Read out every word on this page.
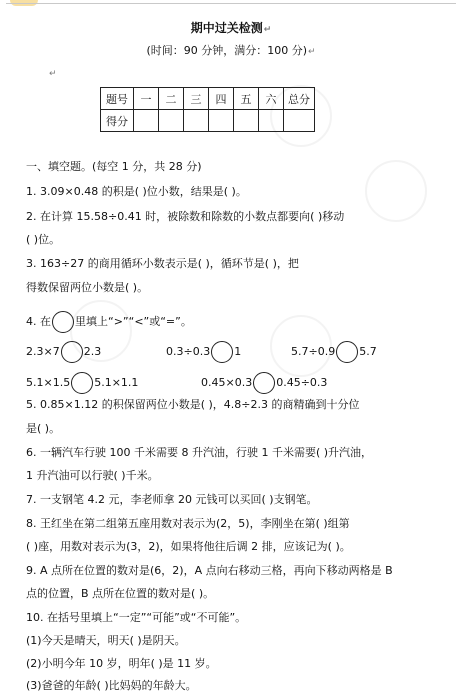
期中过关检测↵
(时间：90 分钟，满分：100 分)↵
↵
题号	一	二	三	四	五	六	总分
得分							
一、填空题。(每空 1 分，共 28 分)
1. 3.09×0.48 的积是( )位小数，结果是( )。
2. 在计算 15.58÷0.41 时，被除数和除数的小数点都要向( )移动
( )位。
3. 163÷27 的商用循环小数表示是( )，循环节是( )，把
得数保留两位小数是( )。
4. 在 里填上“>”“<”或“=”。
2.3×7 2.3	0.3÷0.3 1	5.7÷0.9 5.7
5.1×1.5 5.1×1.1	0.45×0.3 0.45÷0.3
5. 0.85×1.12 的积保留两位小数是( )，4.8÷2.3 的商精确到十分位
是( )。
6. 一辆汽车行驶 100 千米需要 8 升汽油，行驶 1 千米需要( )升汽油，
1 升汽油可以行驶( )千米。
7. 一支钢笔 4.2 元，李老师拿 20 元钱可以买回( )支钢笔。
8. 王红坐在第二组第五座用数对表示为(2，5)，李刚坐在第( )组第
( )座，用数对表示为(3，2)，如果将他往后调 2 排，应该记为( )。
9. A 点所在位置的数对是(6，2)，A 点向右移动三格，再向下移动两格是 B
点的位置，B 点所在位置的数对是( )。
10. 在括号里填上“一定”“可能”或“不可能”。
(1)今天是晴天，明天( )是阴天。
(2)小明今年 10 岁，明年( )是 11 岁。
(3)爸爸的年龄( )比妈妈的年龄大。
